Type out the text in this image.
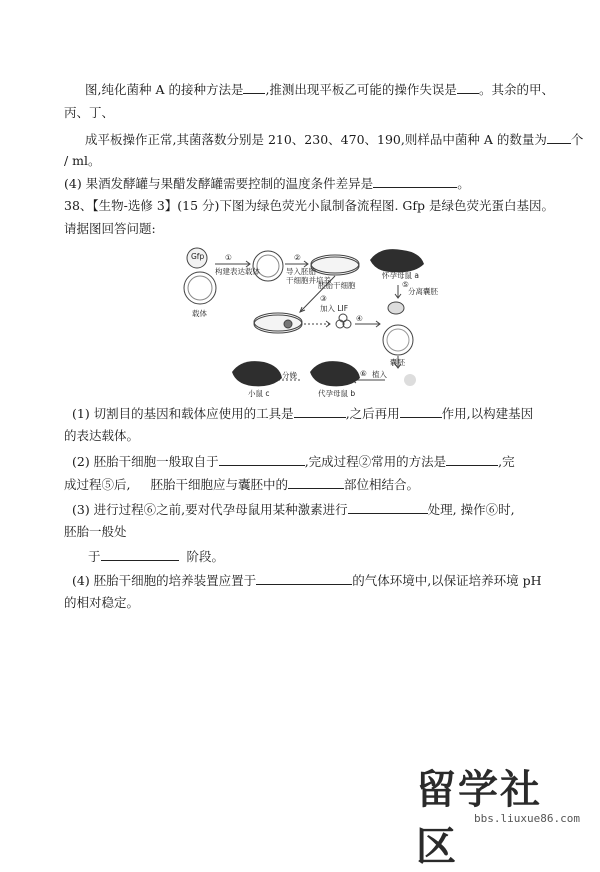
图,纯化菌种 A 的接种方法是 ,推测出现平板乙可能的操作失误是 。其余的甲、
丙、丁、
成平板操作正常,其菌落数分别是 210、230、470、190,则样品中菌种 A 的数量为 个
/ ml。
(4) 果酒发酵罐与果醋发酵罐需要控制的温度条件差异是	。
38、【生物-选修 3】(15 分)下图为绿色荧光小鼠制备流程图. Gfp 是绿色荧光蛋白基因。
请据图回答问题:
Gfp
载体
①
构建表达载体
②
导入胚胎
干细胞并培养
胚胎干细胞
③
加入 LIF
④
怀孕母鼠 a
⑤
分离囊胚
囊胚
⑥ 植入
代孕母鼠 b
分娩
小鼠 c
(1) 切割目的基因和载体应使用的工具是	,之后再用	作用,以构建基因
的表达载体。
(2) 胚胎干细胞一般取自于	,完成过程②常用的方法是	,完
成过程⑤后, 胚胎干细胞应与囊胚中的	部位相结合。
(3) 进行过程⑥之前,要对代孕母鼠用某种激素进行	处理, 操作⑥时,
胚胎一般处
于	阶段。
(4) 胚胎干细胞的培养装置应置于	的气体环境中,以保证培养环境 pH
的相对稳定。
留学社区
bbs.liuxue86.com
